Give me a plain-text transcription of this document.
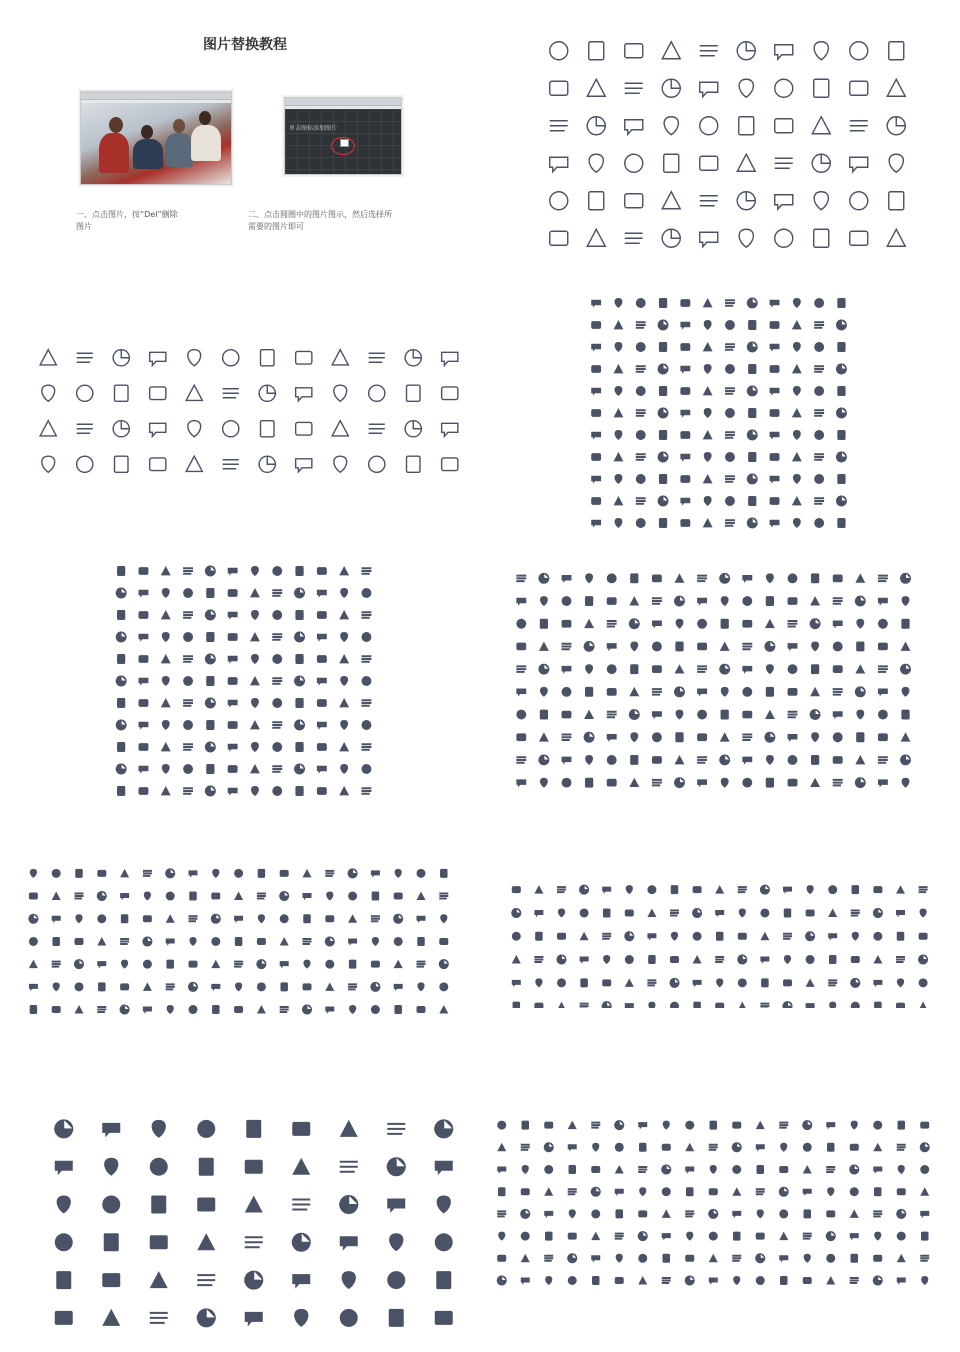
图片替换教程
单击图标添加图片
一、点击图片，按“Del”删除图片
二、点击圆圈中的图片图示，然后选择所需要的图片即可
